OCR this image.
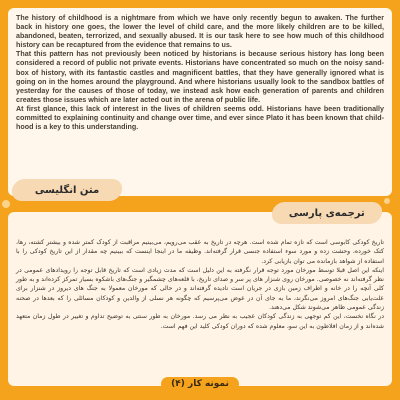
The history of childhood is a nightmare from which we have only recently begun to awaken. The further back in history one goes, the lower the level of child care, and the more likely children are to be killed, abandoned, beaten, terrorized, and sexually abused. It is our task here to see how much of this childhood history can be recaptured from the evidence that remains to us.

That this pattern has not previously been noticed by historians is because serious history has long been considered a record of public not private events. Historians have concentrated so much on the noisy sand-box of history, with its fantastic castles and magnificent battles, that they have generally ignored what is going on in the homes around the playground. And where historians usually look to the sandbox battles of yesterday for the causes of those of today, we instead ask how each generation of parents and children creates those issues which are later acted out in the arena of public life.

At first glance, this lack of interest in the lives of children seems odd. Historians have been traditionally committed to explaining continuity and change over time, and ever since Plato it has been known that child-hood is a key to this understanding.

متن انگلیسی

تاریخ کودکی کابوسی است که تازه تمام شده است. هرچه در تاریخ به عقب می‌رویم، می‌بینیم مراقبت از کودک کمتر شده و بیشتر کشته، رها، کتک خورده، وحشت زده و مورد سوء استفاده جنسی قرار گرفته‌اند. وظیفه ما در اینجا اینست که ببینیم چه مقدار از این تاریخ کودکی را با استفاده از شواهد بازمانده می توان بازیابی کرد.

اینکه این اصل قبلا توسط مورخان مورد توجه قرار نگرفته به این دلیل است که مدت زیادی است که تاریخ قابل توجه را رویدادهای عمومی در نظر گرفته‌اند نه خصوصی. مورخان روی شنزار های پر سر و صدای تاریخ، با قلعه‌های چشمگیر و جنگ‌های باشکوه بسیار تمرکز کرده‌اند و به طور کلی آنچه را در خانه و اطراف زمین بازی در جریان است نادیده گرفته‌اند و در حالی که مورخان معمولا به جنگ های دیروز در شنزار برای علت‌یابی جنگ‌های امروز می‌نگرند، ما به جای آن در عوض می‌پرسیم که چگونه هر نسلی از والدین و کودکان مسائلی را که بعدها در صحنه زندگی عمومی ظاهر می‌شوند شکل می‌دهند.

در نگاه نخست، این کم توجهی به زندگی کودکان عجیب به نظر می رسد. مورخان به طور سنتی به توضیح تداوم و تغییر در طول زمان متعهد شده‌اند و از زمان افلاطون به این سو، معلوم شده که دوران کودکی کلید این فهم است.

ترجمه‌ی پارسی
نمونه کار (۴)
